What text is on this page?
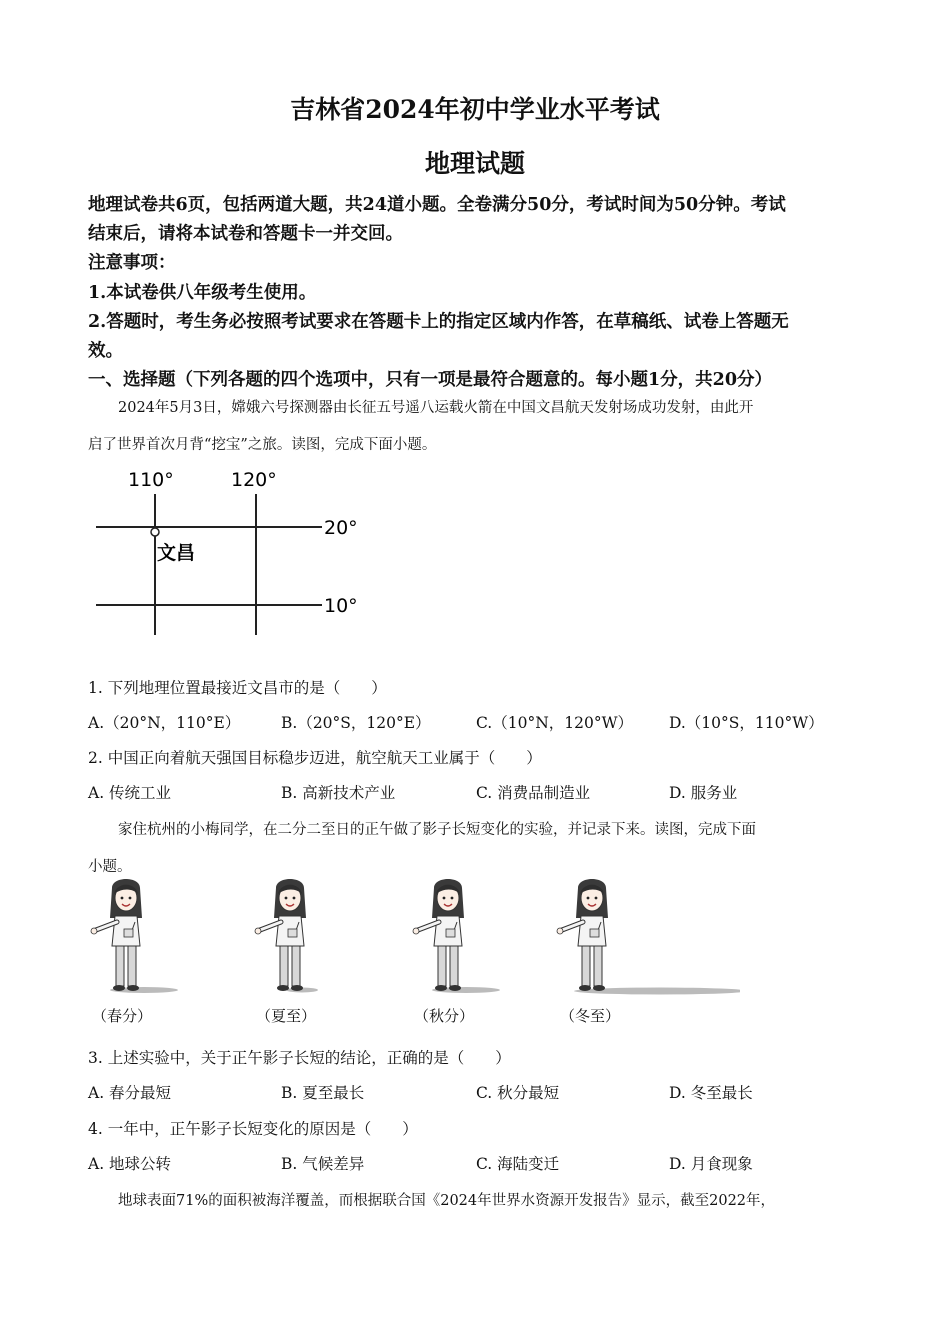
吉林省2024年初中学业水平考试
地理试题
地理试卷共6页，包括两道大题，共24道小题。全卷满分50分，考试时间为50分钟。考试
结束后，请将本试卷和答题卡一并交回。
注意事项：
1.本试卷供八年级考生使用。
2.答题时，考生务必按照考试要求在答题卡上的指定区域内作答，在草稿纸、试卷上答题无
效。
一、选择题（下列各题的四个选项中，只有一项是最符合题意的。每小题1分，共20分）
2024年5月3日，嫦娥六号探测器由长征五号遥八运载火箭在中国文昌航天发射场成功发射，由此开
启了世界首次月背“挖宝”之旅。读图，完成下面小题。
110°	120°
20°
10°
文昌
1. 下列地理位置最接近文昌市的是（　　）
A.（20°N，110°E）	B.（20°S，120°E）	C.（10°N，120°W） D.（10°S，110°W）
2. 中国正向着航天强国目标稳步迈进，航空航天工业属于（　　）
A. 传统工业	B. 高新技术产业	C. 消费品制造业	D. 服务业
家住杭州的小梅同学，在二分二至日的正午做了影子长短变化的实验，并记录下来。读图，完成下面
小题。
（春分）	（夏至）	（秋分）	（冬至）
3. 上述实验中，关于正午影子长短的结论，正确的是（　　）
A. 春分最短	B. 夏至最长	C. 秋分最短	D. 冬至最长
4. 一年中，正午影子长短变化的原因是（　　）
A. 地球公转	B. 气候差异	C. 海陆变迁	D. 月食现象
地球表面71%的面积被海洋覆盖，而根据联合国《2024年世界水资源开发报告》显示，截至2022年，
